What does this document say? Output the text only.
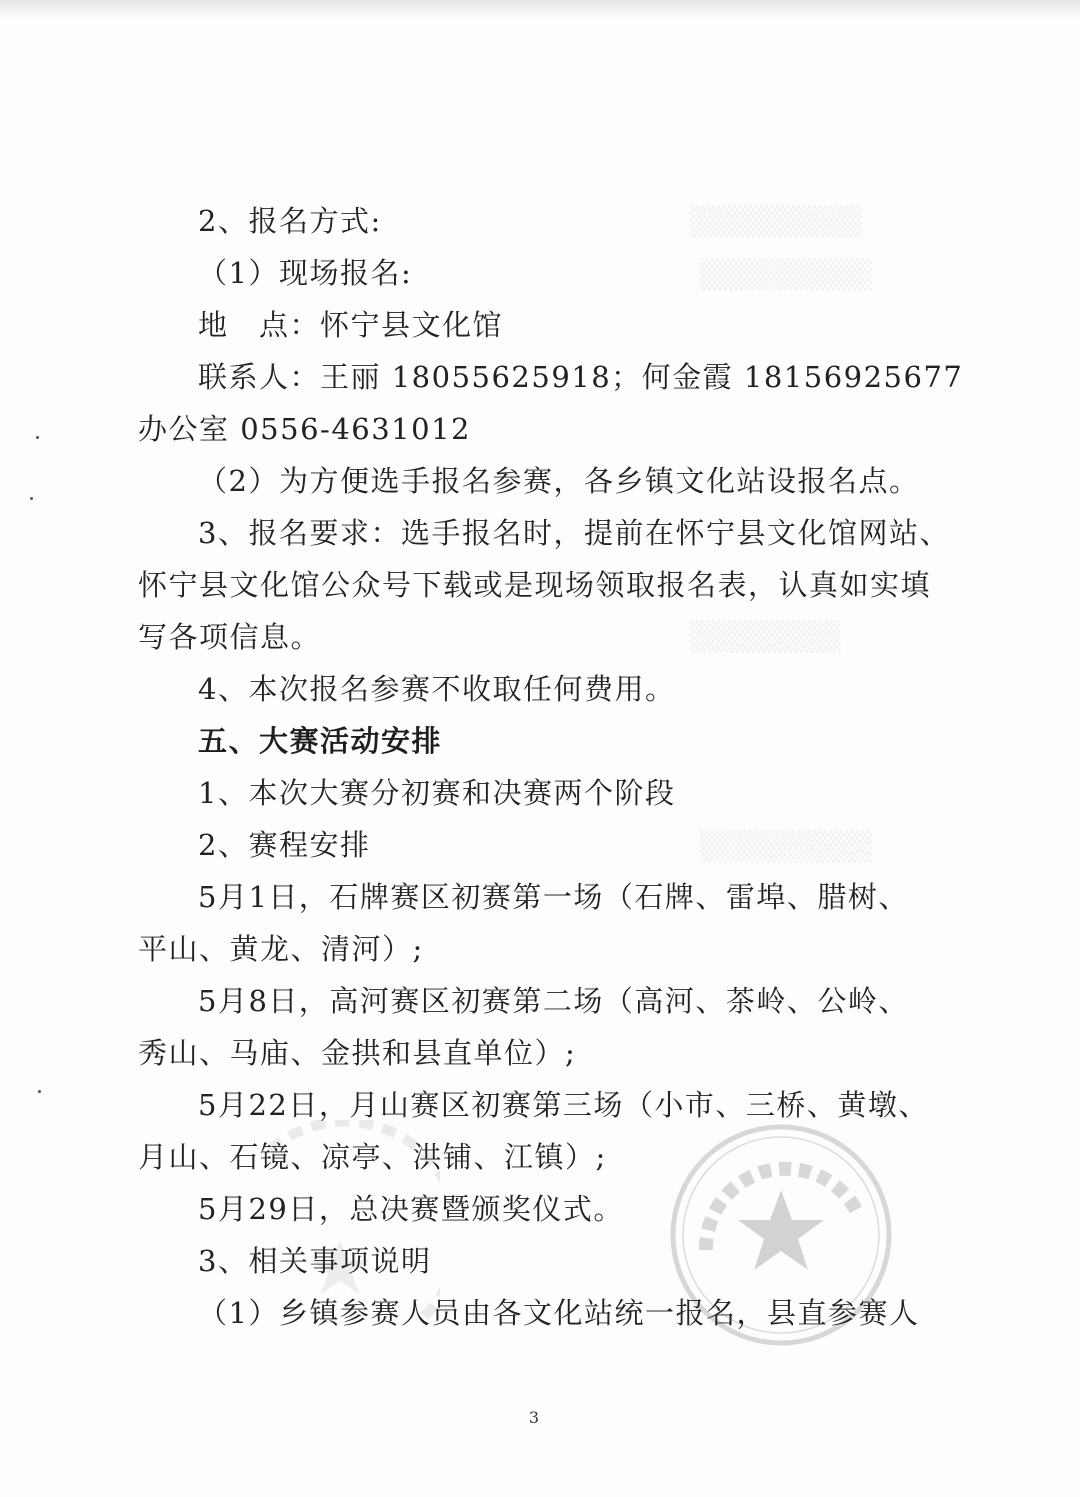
2、报名方式:
（1）现场报名:
地　点：怀宁县文化馆
联系人：王丽 18055625918；何金霞 18156925677
办公室 0556-4631012
（2）为方便选手报名参赛，各乡镇文化站设报名点。
3、报名要求：选手报名时，提前在怀宁县文化馆网站、
怀宁县文化馆公众号下载或是现场领取报名表，认真如实填
写各项信息。
4、本次报名参赛不收取任何费用。
五、大赛活动安排
1、本次大赛分初赛和决赛两个阶段
2、赛程安排
5月1日，石牌赛区初赛第一场（石牌、雷埠、腊树、
平山、黄龙、清河）;
5月8日，高河赛区初赛第二场（高河、茶岭、公岭、
秀山、马庙、金拱和县直单位）;
5月22日，月山赛区初赛第三场（小市、三桥、黄墩、
月山、石镜、凉亭、洪铺、江镇）;
5月29日，总决赛暨颁奖仪式。
3、相关事项说明
（1）乡镇参赛人员由各文化站统一报名，县直参赛人
3
